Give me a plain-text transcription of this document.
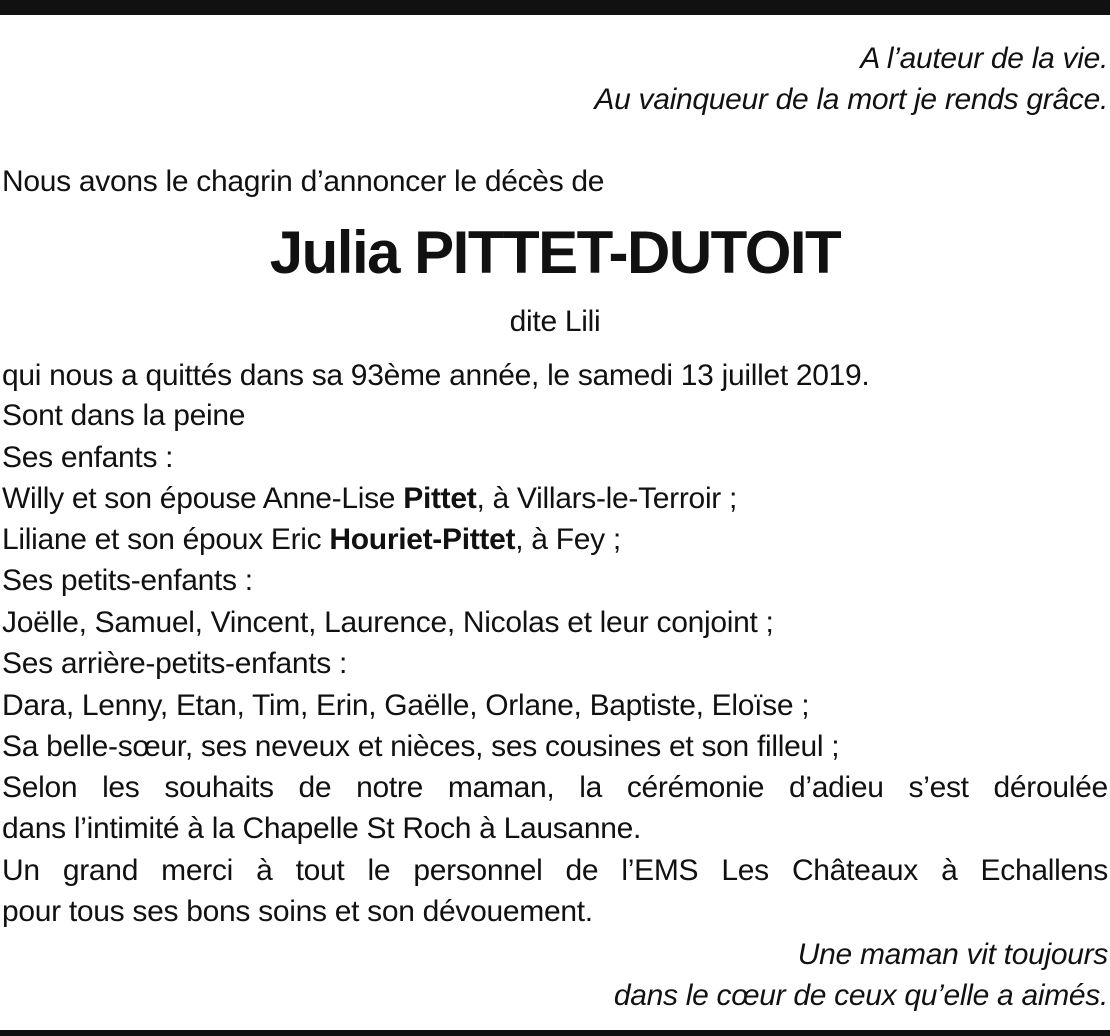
A l’auteur de la vie.
Au vainqueur de la mort je rends grâce.
Nous avons le chagrin d’annoncer le décès de
Julia PITTET-DUTOIT
dite Lili
qui nous a quittés dans sa 93ème année, le samedi 13 juillet 2019.
Sont dans la peine
Ses enfants :
Willy et son épouse Anne-Lise Pittet, à Villars-le-Terroir ;
Liliane et son époux Eric Houriet-Pittet, à Fey ;
Ses petits-enfants :
Joëlle, Samuel, Vincent, Laurence, Nicolas et leur conjoint ;
Ses arrière-petits-enfants :
Dara, Lenny, Etan, Tim, Erin, Gaëlle, Orlane, Baptiste, Eloïse ;
Sa belle-sœur, ses neveux et nièces, ses cousines et son filleul ;
Selon les souhaits de notre maman, la cérémonie d’adieu s’est déroulée
dans l’intimité à la Chapelle St Roch à Lausanne.
Un grand merci à tout le personnel de l’EMS Les Châteaux à Echallens
pour tous ses bons soins et son dévouement.
Une maman vit toujours
dans le cœur de ceux qu’elle a aimés.
